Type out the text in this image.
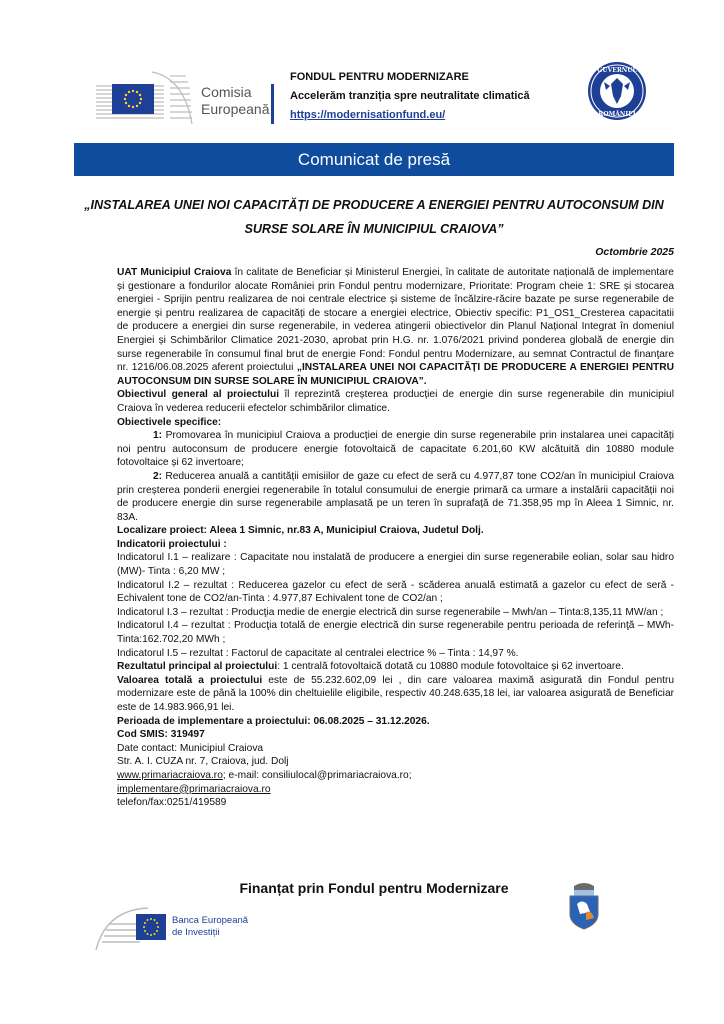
Comisia
Europeană
FONDUL PENTRU MODERNIZARE
Accelerăm tranziția spre neutralitate climatică
https://modernisationfund.eu/
GUVERNUL
ROMÂNIEI
Comunicat de presă
„INSTALAREA UNEI NOI CAPACITĂȚI DE PRODUCERE A ENERGIEI PENTRU AUTOCONSUM DIN
SURSE SOLARE ÎN MUNICIPIUL CRAIOVA”
Octombrie 2025

UAT Municipiul Craiova în calitate de Beneficiar și Ministerul Energiei, în calitate de autoritate națională de implementare și gestionare a fondurilor alocate României prin Fondul pentru modernizare, Prioritate: Program cheie 1: SRE și stocarea energiei - Sprijin pentru realizarea de noi centrale electrice și sisteme de încălzire-răcire bazate pe surse regenerabile de energie și pentru realizarea de capacități de stocare a energiei electrice, Obiectiv specific: P1_OS1_Cresterea capacitatii de producere a energiei din surse regenerabile, in vederea atingerii obiectivelor din Planul Național Integrat în domeniul Energiei și Schimbărilor Climatice 2021-2030, aprobat prin H.G. nr. 1.076/2021 privind ponderea globală de energie din surse regenerabile în consumul final brut de energie Fond: Fondul pentru Modernizare, au semnat Contractul de finanţare nr. 1216/06.08.2025 aferent proiectului „INSTALAREA UNEI NOI CAPACITĂȚI DE PRODUCERE A ENERGIEI PENTRU AUTOCONSUM DIN SURSE SOLARE ÎN MUNICIPIUL CRAIOVA”.

Obiectivul general al proiectului îl reprezintă creșterea producției de energie din surse regenerabile din municipiul Craiova în vederea reducerii efectelor schimbărilor climatice.

Obiectivele specifice:

1: Promovarea în municipiul Craiova a producției de energie din surse regenerabile prin instalarea unei capacități noi pentru autoconsum de producere energie fotovoltaică de capacitate 6.201,60 KW alcătuită din 10880 module fotovoltaice și 62 invertoare;

2: Reducerea anuală a cantității emisiilor de gaze cu efect de seră cu 4.977,87 tone CO2/an în municipiul Craiova prin creșterea ponderii energiei regenerabile în totalul consumului de energie primară ca urmare a instalării capacității noi de producere energie din surse regenerabile amplasată pe un teren în suprafață de 71.358,95 mp în Aleea 1 Simnic, nr. 83A.

Localizare proiect: Aleea 1 Simnic, nr.83 A, Municipiul Craiova, Judetul Dolj.

Indicatorii proiectului :

Indicatorul I.1 – realizare : Capacitate nou instalată de producere a energiei din surse regenerabile eolian, solar sau hidro (MW)- Tinta : 6,20 MW ;

Indicatorul I.2 – rezultat : Reducerea gazelor cu efect de seră - scăderea anuală estimată a gazelor cu efect de seră - Echivalent tone de CO2/an-Tinta : 4.977,87 Echivalent tone de CO2/an ;

Indicatorul I.3 – rezultat : Producţia medie de energie electrică din surse regenerabile – Mwh/an – Tinta:8,135,11 MW/an ;

Indicatorul I.4 – rezultat : Producţia totală de energie electrică din surse regenerabile pentru perioada de referinţă – MWh- Tinta:162.702,20 MWh ;

Indicatorul I.5 – rezultat : Factorul de capacitate al centralei electrice % – Tinta : 14,97 %.

Rezultatul principal al proiectului: 1 centrală fotovoltaică dotată cu 10880 module fotovoltaice și 62 invertoare.

Valoarea totală a proiectului este de 55.232.602,09 lei , din care valoarea maximă asigurată din Fondul pentru modernizare este de până la 100% din cheltuielile eligibile, respectiv 40.248.635,18 lei, iar valoarea asigurată de Beneficiar este de 14.983.966,91 lei.

Perioada de implementare a proiectului: 06.08.2025 – 31.12.2026.

Cod SMIS: 319497

Date contact: Municipiul Craiova

Str. A. I. CUZA nr. 7, Craiova, jud. Dolj

www.primariacraiova.ro; e-mail: consiliulocal@primariacraiova.ro;

implementare@primariacraiova.ro

telefon/fax:0251/419589

Finanțat prin Fondul pentru Modernizare
Banca Europeană
de Investiții
